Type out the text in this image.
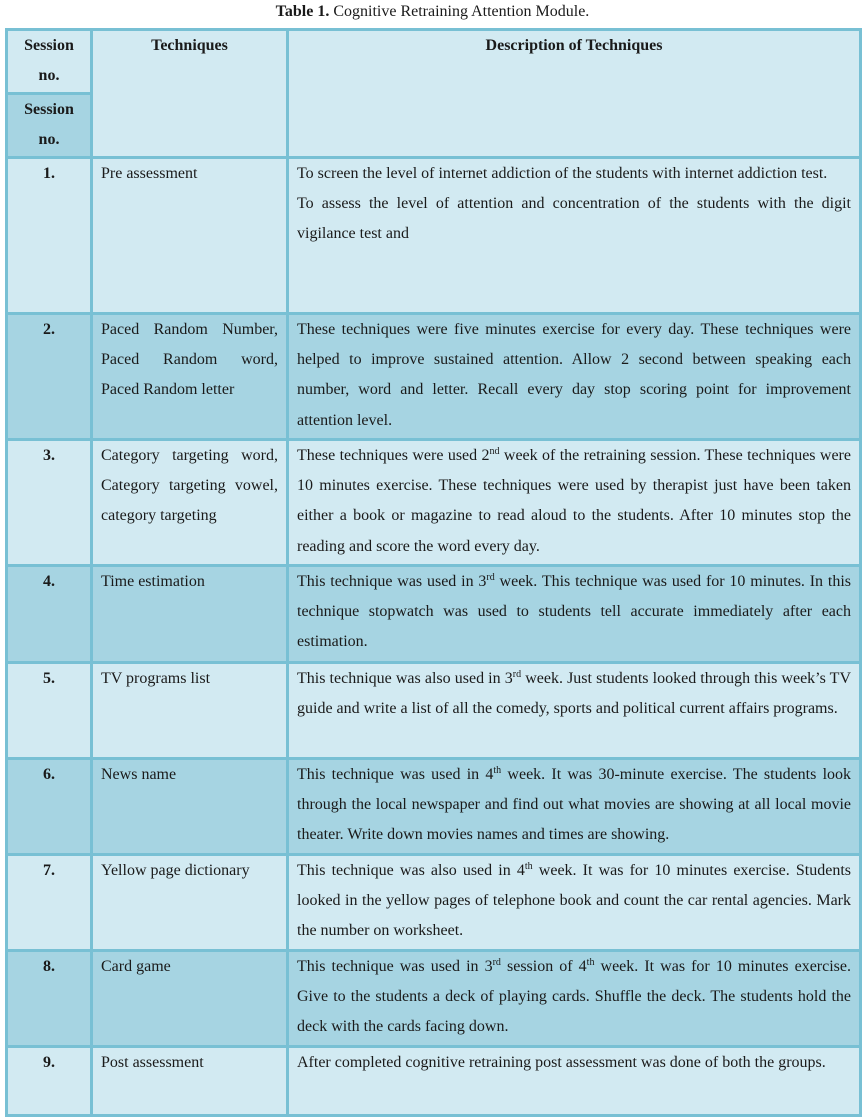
Table 1. Cognitive Retraining Attention Module.
Session no.	Techniques	Description of Techniques
Session no.		
1.	Pre assessment	To screen the level of internet addiction of the students with internet addiction test.

To assess the level of attention and concentration of the students with the digit vigilance test and

2.	Paced Random Number, Paced Random word, Paced Random letter	These techniques were five minutes exercise for every day. These techniques were helped to improve sustained attention. Allow 2 second between speaking each number, word and letter. Recall every day stop scoring point for improvement attention level.

3.	Category targeting word, Category targeting vowel, category targeting	These techniques were used 2nd week of the retraining session. These techniques were 10 minutes exercise. These techniques were used by therapist just have been taken either a book or magazine to read aloud to the students. After 10 minutes stop the reading and score the word every day.

4.	Time estimation	This technique was used in 3rd week. This technique was used for 10 minutes. In this technique stopwatch was used to students tell accurate immediately after each estimation.

5.	TV programs list	This technique was also used in 3rd week. Just students looked through this week’s TV guide and write a list of all the comedy, sports and political current affairs programs.

6.	News name	This technique was used in 4th week. It was 30-minute exercise. The students look through the local newspaper and find out what movies are showing at all local movie theater. Write down movies names and times are showing.

7.	Yellow page dictionary	This technique was also used in 4th week. It was for 10 minutes exercise. Students looked in the yellow pages of telephone book and count the car rental agencies. Mark the number on worksheet.

8.	Card game	This technique was used in 3rd session of 4th week. It was for 10 minutes exercise. Give to the students a deck of playing cards. Shuffle the deck. The students hold the deck with the cards facing down.

9.	Post assessment	After completed cognitive retraining post assessment was done of both the groups.
